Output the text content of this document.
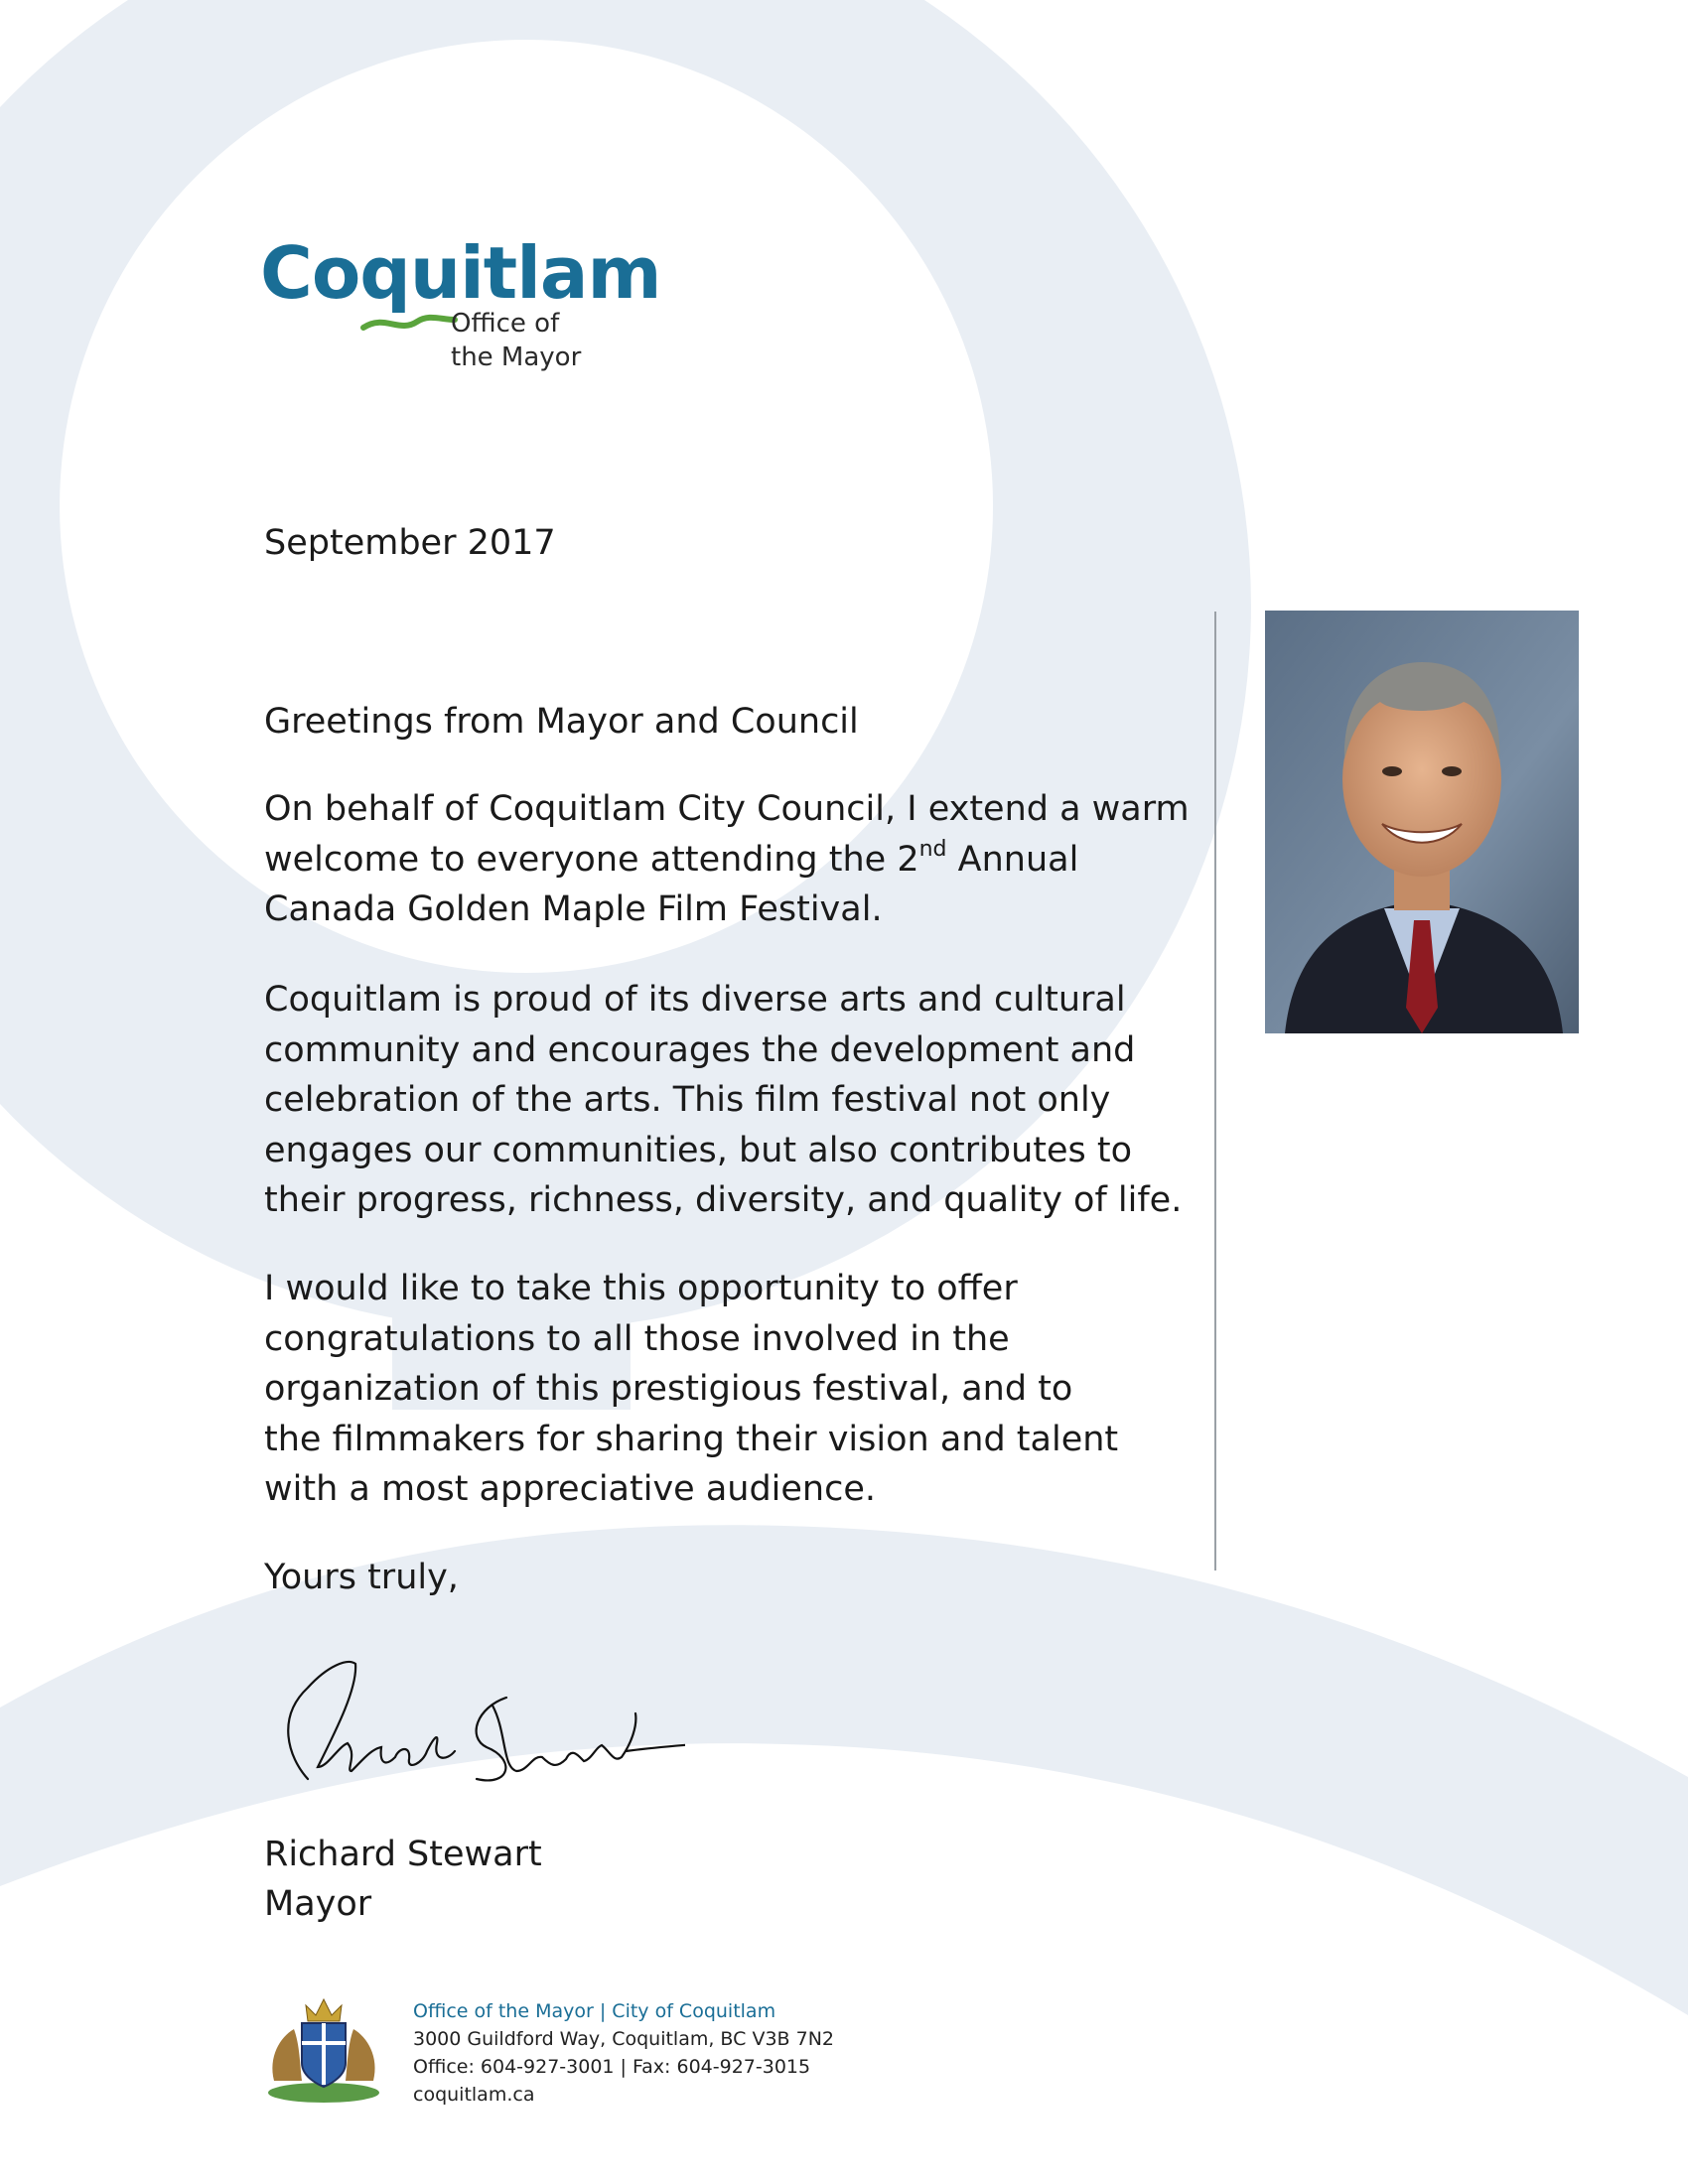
Coquitlam
Office of
the Mayor
September 2017
Greetings from Mayor and Council

On behalf of Coquitlam City Council, I extend a warm welcome to everyone attending the 2nd Annual Canada Golden Maple Film Festival.

Coquitlam is proud of its diverse arts and cultural community and encourages the development and celebration of the arts. This film festival not only engages our communities, but also contributes to their progress, richness, diversity, and quality of life.

I would like to take this opportunity to offer congratulations to all those involved in the organization of this prestigious festival, and to the filmmakers for sharing their vision and talent with a most appreciative audience.

Yours truly,
Richard Stewart
Mayor
Office of the Mayor | City of Coquitlam
3000 Guildford Way, Coquitlam, BC V3B 7N2
Office: 604-927-3001 | Fax: 604-927-3015
coquitlam.ca
